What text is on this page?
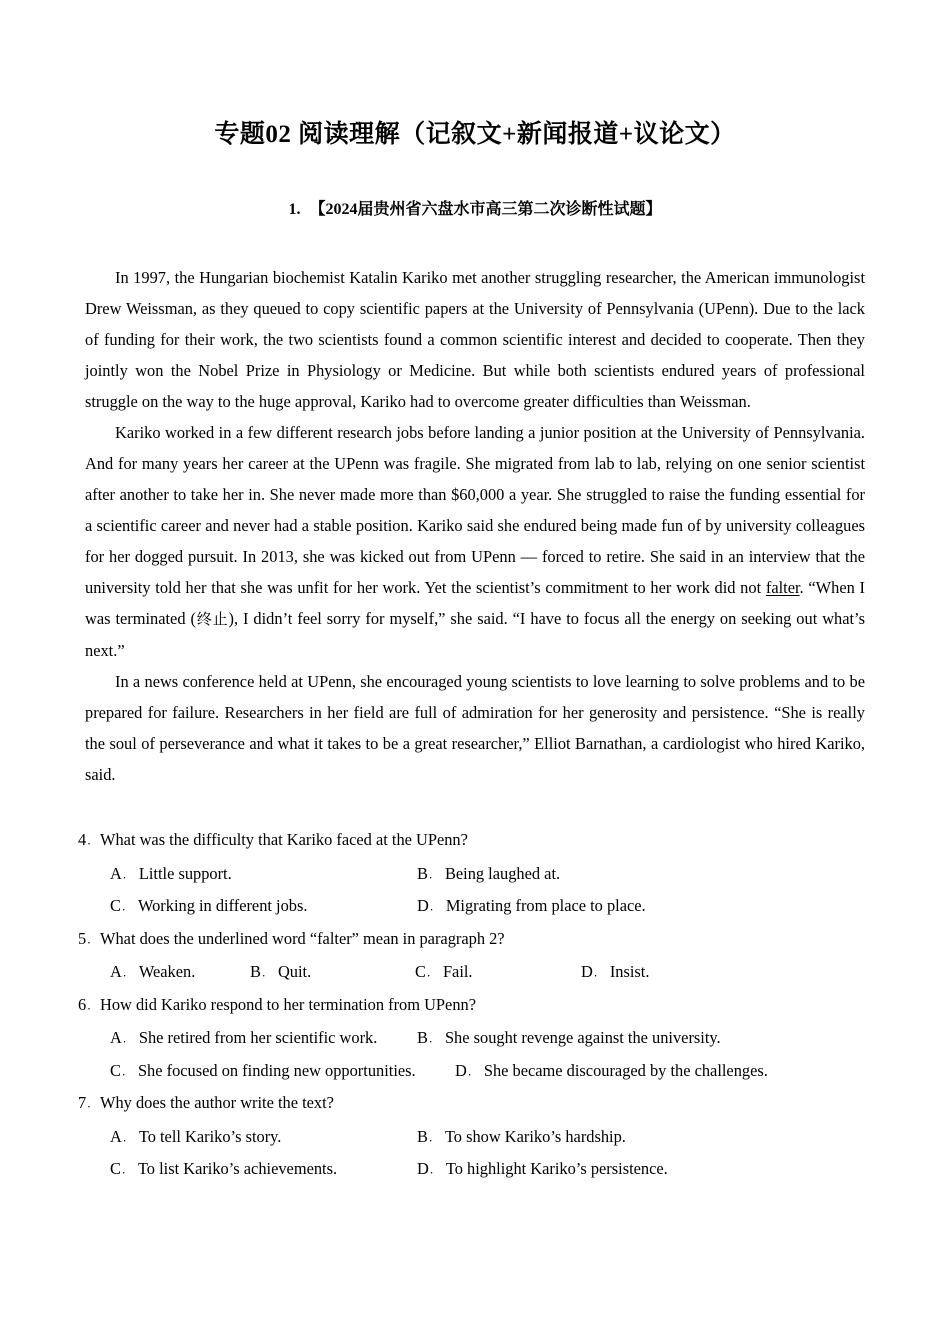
专题02 阅读理解（记叙文+新闻报道+议论文）
1. 【2024届贵州省六盘水市高三第二次诊断性试题】

In 1997, the Hungarian biochemist Katalin Kariko met another struggling researcher, the American immunologist Drew Weissman, as they queued to copy scientific papers at the University of Pennsylvania (UPenn). Due to the lack of funding for their work, the two scientists found a common scientific interest and decided to cooperate. Then they jointly won the Nobel Prize in Physiology or Medicine. But while both scientists endured years of professional struggle on the way to the huge approval, Kariko had to overcome greater difficulties than Weissman.

Kariko worked in a few different research jobs before landing a junior position at the University of Pennsylvania. And for many years her career at the UPenn was fragile. She migrated from lab to lab, relying on one senior scientist after another to take her in. She never made more than $60,000 a year. She struggled to raise the funding essential for a scientific career and never had a stable position. Kariko said she endured being made fun of by university colleagues for her dogged pursuit. In 2013, she was kicked out from UPenn — forced to retire. She said in an interview that the university told her that she was unfit for her work. Yet the scientist’s commitment to her work did not falter. “When I was terminated (终止), I didn’t feel sorry for myself,” she said. “I have to focus all the energy on seeking out what’s next.”

In a news conference held at UPenn, she encouraged young scientists to love learning to solve problems and to be prepared for failure. Researchers in her field are full of admiration for her generosity and persistence. “She is really the soul of perseverance and what it takes to be a great researcher,” Elliot Barnathan, a cardiologist who hired Kariko, said.

4． What was the difficulty that Kariko faced at the UPenn?
A． Little support.	B． Being laughed at.
C． Working in different jobs.	D． Migrating from place to place.
5． What does the underlined word “falter” mean in paragraph 2?
A． Weaken.	B． Quit.	C． Fail.	D． Insist.
6． How did Kariko respond to her termination from UPenn?
A． She retired from her scientific work. B． She sought revenge against the university.
C． She focused on finding new opportunities. D． She became discouraged by the challenges.
7． Why does the author write the text?
A． To tell Kariko’s story.	B． To show Kariko’s hardship.
C． To list Kariko’s achievements.	D． To highlight Kariko’s persistence.
